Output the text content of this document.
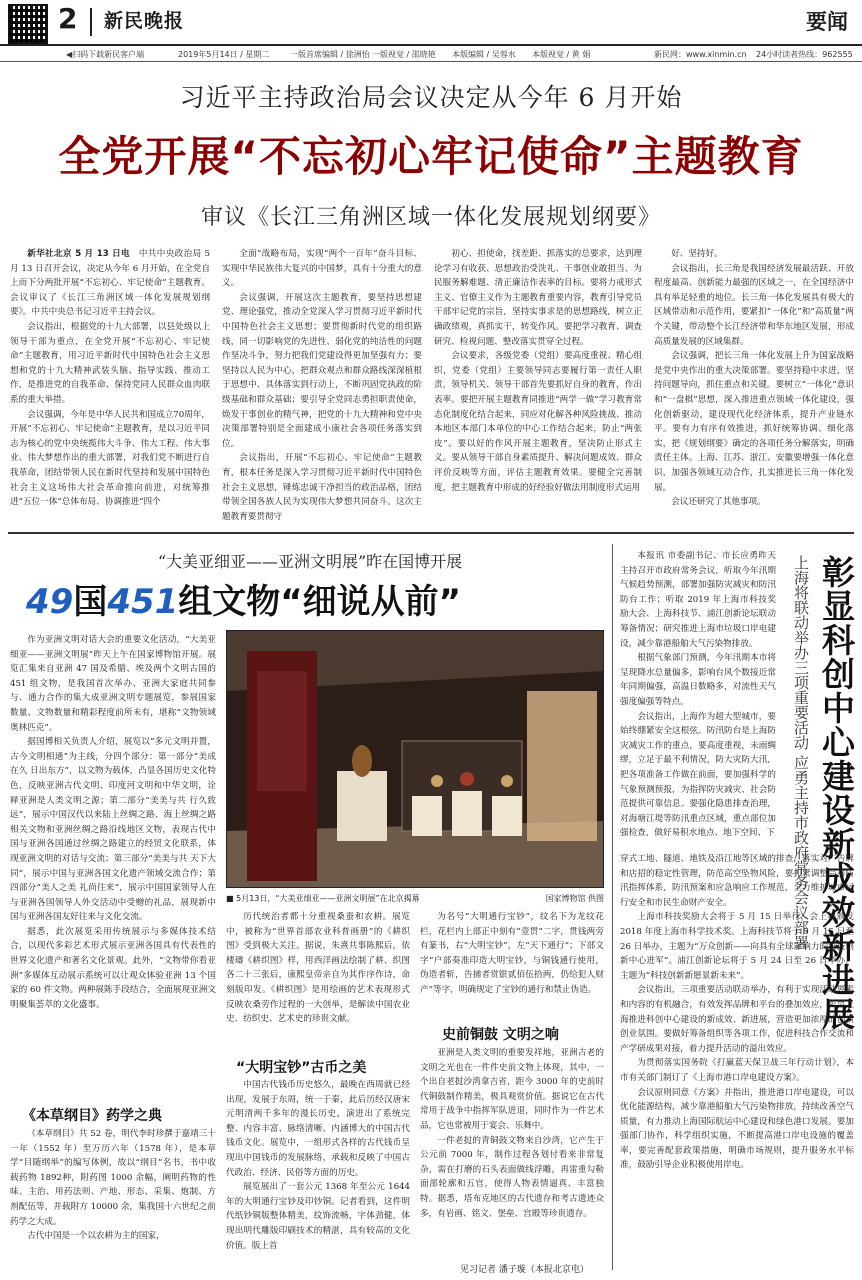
2 新民晚报	要闻
◀扫码下载新民客户端	2019年5月14日 / 星期二	一版首席编辑 / 徐洲怡 一版视觉 / 邵晓艳 本版编辑 / 吴蓉水 本版视觉 / 黄 娟	新民网：www.xinmin.cn 24小时读者热线：962555
习近平主持政治局会议决定从今年 6 月开始
全党开展“不忘初心牢记使命”主题教育
审议《长江三角洲区域一体化发展规划纲要》

新华社北京 5 月 13 日电　 中共中央政治局 5 月 13 日召开会议，决定从今年 6 月开始，在全党自上而下分两批开展“不忘初心、牢记使命”主题教育。会议审议了《长江三角洲区域一体化发展规划纲要》。中共中央总书记习近平主持会议。

会议指出，根据党的十九大部署，以县处级以上领导干部为重点，在全党开展“不忘初心、牢记使命”主题教育，用习近平新时代中国特色社会主义思想和党的十九大精神武装头脑、指导实践、推动工作，是推进党的自我革命、保持党同人民群众血肉联系的重大举措。

会议强调，今年是中华人民共和国成立70周年，开展“不忘初心、牢记使命”主题教育，是以习近平同志为核心的党中央统揽伟大斗争、伟大工程、伟大事业、伟大梦想作出的重大部署，对我们党不断进行自我革命，团结带领人民在新时代坚持和发展中国特色社会主义这场伟大社会革命推向前进，对统筹推进“五位一体”总体布局、协调推进“四个

全面”战略布局，实现“两个一百年”奋斗目标、实现中华民族伟大复兴的中国梦，具有十分重大的意义。

会议强调，开展这次主题教育，要坚持思想建党、理论强党，推动全党深入学习贯彻习近平新时代中国特色社会主义思想；要贯彻新时代党的组织路线，同一切影响党的先进性、弱化党的纯洁性的问题作坚决斗争，努力把我们党建设得更加坚强有力；要坚持以人民为中心，把群众观点和群众路线深深植根于思想中、具体落实到行动上，不断巩固党执政的阶级基础和群众基础；要引导全党同志勇担职责使命，焕发干事创业的精气神，把党的十九大精神和党中央决策部署特别是全面建成小康社会各项任务落实到位。

会议指出，开展“不忘初心、牢记使命”主题教育，根本任务是深入学习贯彻习近平新时代中国特色社会主义思想，锤炼忠诚干净担当的政治品格，团结带领全国各族人民为实现伟大梦想共同奋斗。这次主题教育要贯彻守

初心、担使命，找差距、抓落实的总要求，达到理论学习有收获、思想政治受洗礼、干事创业敢担当、为民服务解难题、清正廉洁作表率的目标。要将力戒形式主义、官僚主义作为主题教育重要内容，教育引导党员干部牢记党的宗旨，坚持实事求是的思想路线，树立正确政绩观，真抓实干，转变作风。要把学习教育、调查研究、检视问题、整改落实贯穿全过程。

会议要求，各级党委（党组）要高度重视、精心组织，党委（党组）主要领导同志要履行第一责任人职责，领导机关、领导干部首先要抓好自身的教育，作出表率。要把开展主题教育同推进“两学一做”学习教育常态化制度化结合起来，同应对化解各种风险挑战、推动本地区本部门本单位的中心工作结合起来，防止“两张皮”。要以好的作风开展主题教育，坚决防止形式主义。要从领导干部自身素质提升、解决问题成效、群众评价反映等方面，评估主题教育效果。要健全完善制度，把主题教育中形成的好经验好做法用制度形式运用

好、坚持好。

会议指出，长三角是我国经济发展最活跃、开放程度最高、创新能力最强的区域之一，在全国经济中具有举足轻重的地位。长三角一体化发展具有极大的区域带动和示范作用，要紧扣“一体化”和“高质量”两个关键，带动整个长江经济带和华东地区发展，形成高质量发展的区域集群。

会议强调，把长三角一体化发展上升为国家战略是党中央作出的重大决策部署。要坚持稳中求进，坚持问题导向，抓住重点和关键。要树立“一体化”意识和“一盘棋”思想，深入推进重点领域一体化建设，强化创新驱动，建设现代化经济体系，提升产业链水平。要有力有序有效推进，抓好统筹协调、细化落实，把《规划纲要》确定的各项任务分解落实，明确责任主体。上海、江苏、浙江、安徽要增强一体化意识，加强各领域互动合作，扎实推进长三角一体化发展。

会议还研究了其他事项。

“大美亚细亚——亚洲文明展”昨在国博开展
49国451组文物“细说从前”

作为亚洲文明对话大会的重要文化活动，“大美亚细亚——亚洲文明展”昨天上午在国家博物馆开展。展览汇集来自亚洲 47 国及希腊、埃及两个文明古国的 451 组文物，是我国首次举办、亚洲大家庭共同参与、通力合作的集大成亚洲文明专题展览，参展国家数量、文物数量和精彩程度前所未有，堪称“文物领域奥林匹克”。

据国博相关负责人介绍，展览以“多元文明并置，古今文明相通”为主线，分四个部分：第一部分“美成在久 日出东方”，以文物为载体，凸显各国历史文化特色，反映亚洲古代文明、印度河文明和中华文明，诠释亚洲是人类文明之源；第二部分“美美与共 行久致远”，展示中国汉代以来陆上丝绸之路、海上丝绸之路相关文物和亚洲丝绸之路沿线地区文物，表现古代中国与亚洲各国通过丝绸之路建立的经贸文化联系，体现亚洲文明的对话与交流；第三部分“美美与共 天下大同”，展示中国与亚洲各国文化遗产领域交流合作；第四部分“美人之美 礼尚往来”，展示中国国家领导人在与亚洲各国领导人外交活动中受赠的礼品，展现新中国与亚洲各国友好往来与文化交流。

据悉，此次展览采用传统展示与多媒体技术结合，以现代多彩艺术形式展示亚洲各国具有代表性的世界文化遗产和著名文化景观。此外，“文物带你看亚洲”多媒体互动展示系统可以让观众体验亚洲 13 个国家的 60 件文物。两种展陈手段结合，全面展现亚洲文明聚集荟萃的文化盛事。

《本草纲目》药学之典

《本草纲目》共 52 卷，明代李时珍撰于嘉靖三十一年（1552 年）至万历六年（1578 年），是本草学“目随纲举”的编写体例，故以“纲目”名书，书中收载药物 1892种，附药图 1000 余幅，阐明药物的性味、主治、用药法则、产地、形态、采集、炮制、方剂配伍等，并载附方 10000 余，集我国十六世纪之前药学之大成。

古代中国是一个以农耕为主的国家，

■ 5月13日，“大美亚细亚——亚洲文明展”在北京揭幕	国家博物馆 供图

历代统治者都十分重视桑蚕和农耕。展览中，被称为“世界首部农业科普画册”的《耕织图》受到极大关注。据说，朱熹共事陈熙后，依楼璹《耕织图》样，用西洋画法绘制了耕、织图各二十三张后，康熙皇帝亲自为其作序作诗，命刻版印发。《耕织图》是用绘画的艺术表现形式反映农桑劳作过程的一大创举，是解读中国农业史、纺织史、艺术史的珍贵文献。

“大明宝钞”古币之美

中国古代钱币历史悠久，最晚在西周就已经出现，发展于东周，统一于秦，此后历经汉唐宋元明清两千多年的漫长历史，演进出了系统完整、内容丰富、脉络清晰、内涵博大的中国古代钱币文化。展览中，一组形式各样的古代钱币呈现出中国钱币的发展脉络，承载和反映了中国古代政治、经济、民俗等方面的历史。

展览展出了一套公元 1368 年至公元 1644 年的大明通行宝钞及印钞铜。记者看到，这件明代纸钞铜版整体精美，纹饰流畅，字体劲健，体现出明代雕版印刷技术的精湛，具有较高的文化价值。版上首

为名号“大明通行宝钞”，纹名下为龙纹花栏，花栏内上部正中刻有“壹贯”二字，贯钱两旁有篆书，右“大明宝钞”，左“天下通行”；下部文字“户部奏准印造大明宝钞，与铜钱通行使用，伪造者斩，告捕者赏银贰佰伍拾两，仍给犯人财产”等字，明确规定了宝钞的通行和禁止伪造。

史前铜鼓 文明之响

亚洲是人类文明的重要发祥地，亚洲古老的文明之光也在一件件史前文物上体现，其中，一个出自老挝沙湾拿吉省，距今 3000 年的史前时代铜鼓制作精美，极具观赏价值。据说它在古代常用于战争中指挥军队进退，同时作为一件艺术品，它也常被用于宴会、乐舞中。

一件老挝的青铜鼓文物来自沙湾，它产生于公元前 7000 年，制作过程各划付看来非常复杂，需在打磨的石头表面做线浮雕，再雷重勾勒面部轮廓和五官，使得人物表情逼真、丰富独特。据悉，塔布克地区的古代遗存和考古遗迹众多，有岩画、铭文、堡垒、宫殿等珍贵遗存。

见习记者 潘子璇（本报北京电）
彰显科创中心建设新成效新进展
上海将联动举办三项重要活动 应勇主持市政府常务会议部署

本报讯 市委副书记、市长应勇昨天主持召开市政府常务会议，听取今年汛期气候趋势预测，部署加强防灾减灾和防汛防台工作；听取 2019 年上海市科技奖励大会、上海科技节、浦江创新论坛联动筹备情况；研究推进上海市垃圾口岸电建设，减少靠港船舶大气污染物排放。

根据气象部门预测，今年汛期本市将呈现降水总量偏多，影响台风个数接近常年同期偏强，高温日数略多，对流性天气强度偏强等特点。

会议指出，上海作为超大型城市，要始终绷紧安全这根弦。防汛防台是上海防灾减灾工作的重点，要高度重视，未雨绸缪，立足于最不利情况，防大灾防大汛，把各项准备工作做在前面，要加强科学的气象预测预报，为指挥防灾减灾、社会防范提供可靠信息。要强化隐患排查治理，对海塘江堤等防汛重点区域，重点部位加强检查，做好易积水地点、地下空间、下

穿式工地、隧道、地铁及沿江地等区域的排查，落实对广告牌和店招的稳定性管理，防范高空坠物风险，要抓紧调整完善防汛指挥体系，防汛预案和应急响应工作规范，全力维护城市运行安全和市民生命财产安全。

上海市科技奖励大会将于 5 月 15 日举行，会上将颁发 2018 年度上海市科学技术奖。上海科技节将于 5 月 15 日至 26 日举办，主题为“万众创新——向具有全球影响力的科技创新中心进军”。浦江创新论坛将于 5 月 24 日至 26 日举办，主题为“科技创新新愿景新未来”。

会议指出，三项重要活动联动举办，有利于实现活动要素和内容的有机融合，有效发挥品牌和平台的叠加效应，彰显上海推进科创中心建设的新成效、新进展，营造更加浓厚的创新创业氛围。要做好筹备组织等各项工作，促进科技合作交流和产学研成果对接，着力提升活动的溢出效应。

为贯彻落实国务院《打赢蓝天保卫战三年行动计划》，本市有关部门制订了《上海市港口岸电建设方案》。

会议原则同意《方案》并指出，推进港口岸电建设，可以优化能源结构，减少靠港船舶大气污染物排放，持续改善空气质量，有力推动上海国际航运中心建设和绿色港口发展。要加强部门协作，科学组织实施，不断提高港口岸电设施的覆盖率，要完善配套政策措施，明确市场规则，提升服务水平标准，鼓励引导企业积极使用岸电。
